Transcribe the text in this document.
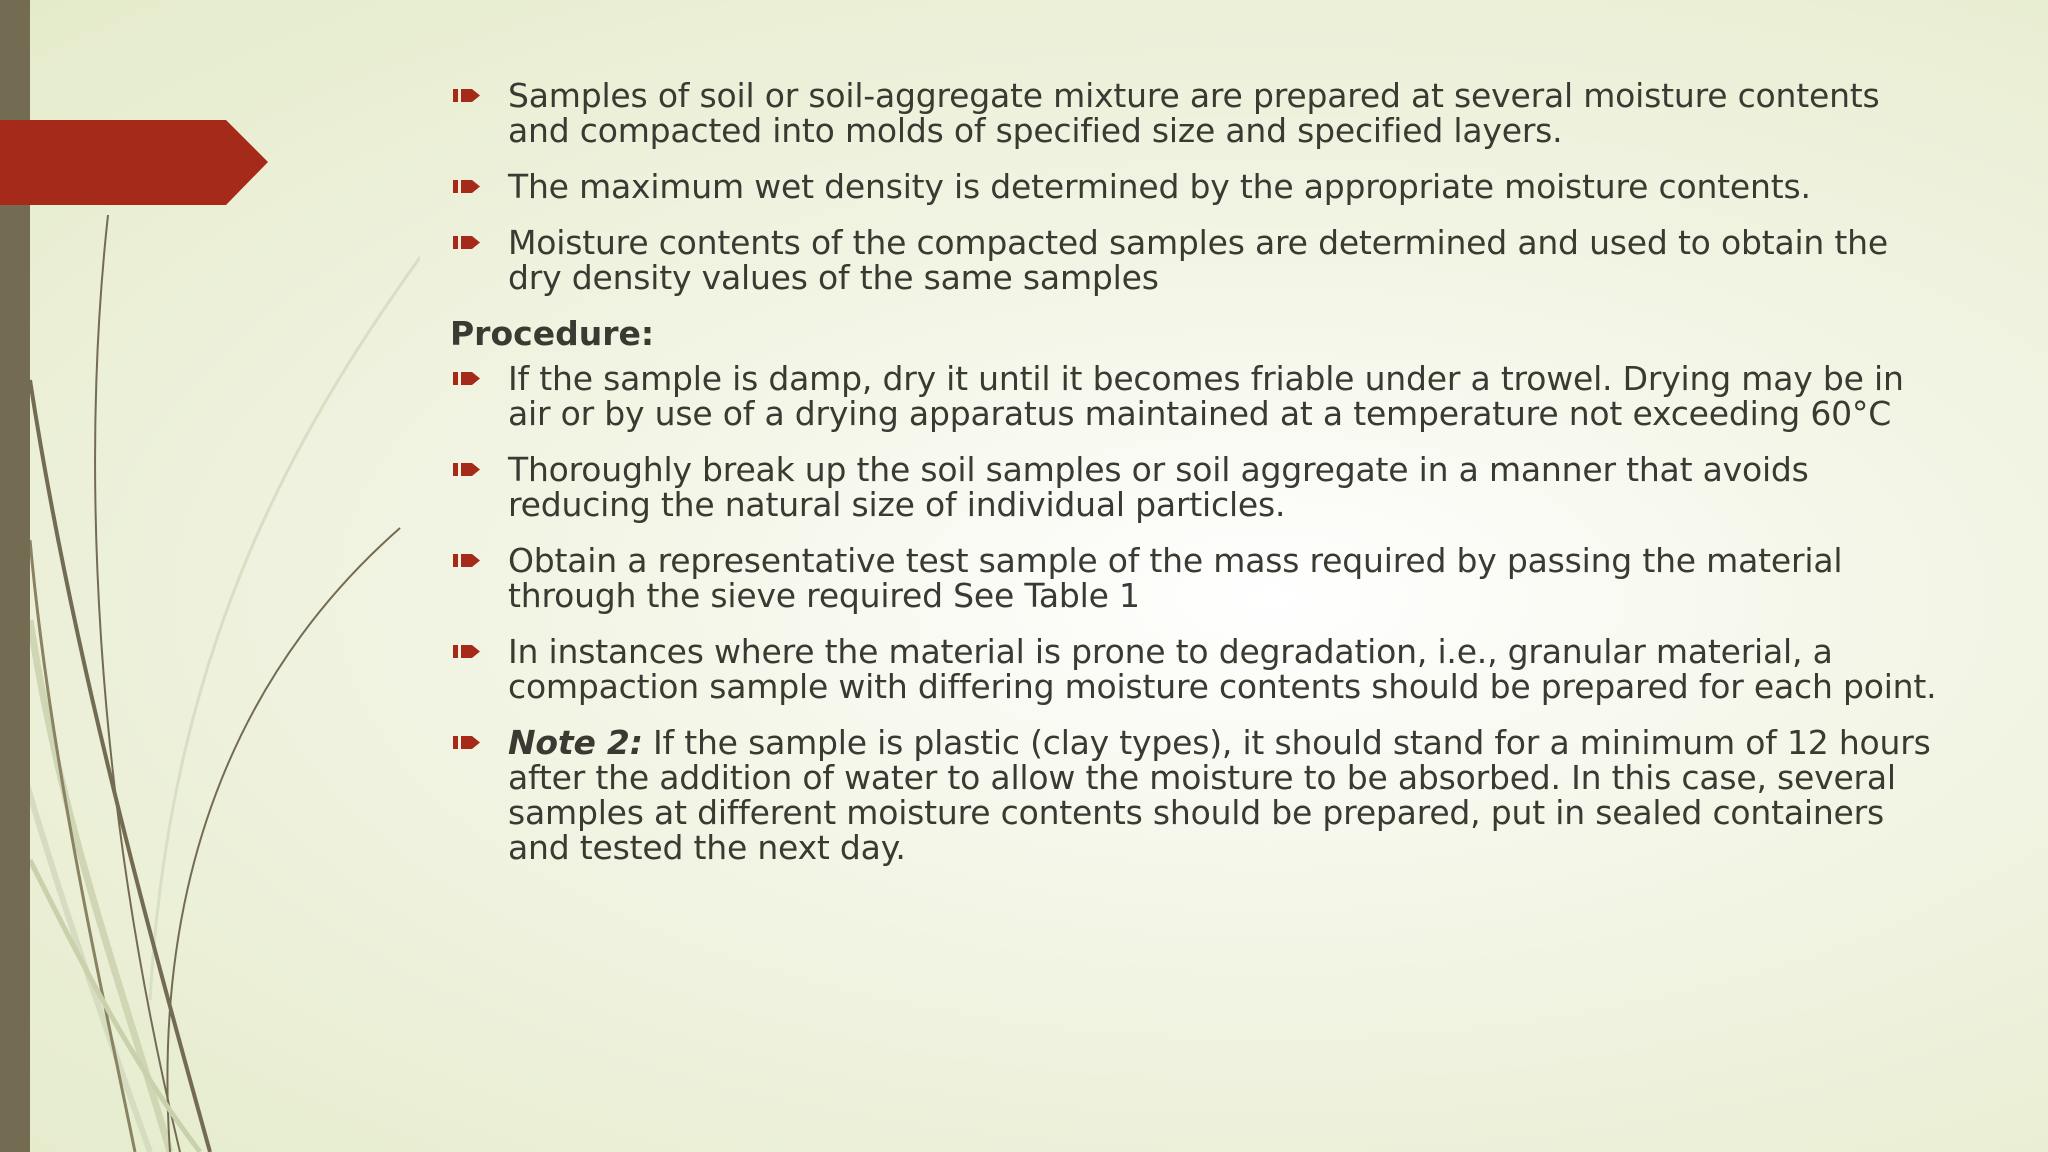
Samples of soil or soil-aggregate mixture are prepared at several moisture contents and compacted into molds of specified size and specified layers.
The maximum wet density is determined by the appropriate moisture contents.
Moisture contents of the compacted samples are determined and used to obtain the dry density values of the same samples
Procedure:
If the sample is damp, dry it until it becomes friable under a trowel. Drying may be in air or by use of a drying apparatus maintained at a temperature not exceeding 60°C
Thoroughly break up the soil samples or soil aggregate in a manner that avoids reducing the natural size of individual particles.
Obtain a representative test sample of the mass required by passing the material through the sieve required See Table 1
In instances where the material is prone to degradation, i.e., granular material, a compaction sample with differing moisture contents should be prepared for each point.
Note 2: If the sample is plastic (clay types), it should stand for a minimum of 12 hours after the addition of water to allow the moisture to be absorbed. In this case, several samples at different moisture contents should be prepared, put in sealed containers and tested the next day.
